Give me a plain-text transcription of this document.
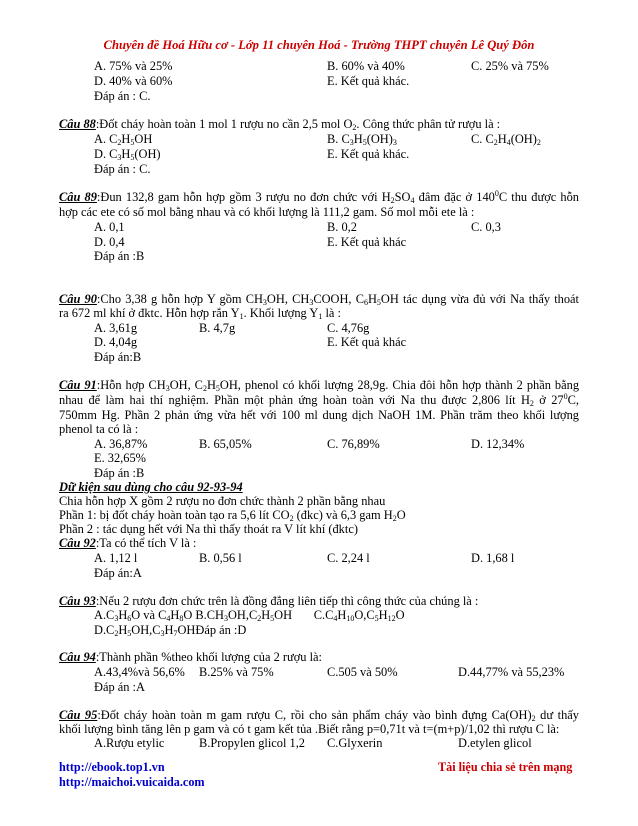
Chuyên đề Hoá Hữu cơ - Lớp 11 chuyên Hoá - Trường THPT chuyên Lê Quý Đôn
A. 75% và 25%	B. 60% và 40%	C. 25% và 75%
D. 40% và 60%	E. Kết quả khác.
Đáp án : C.
Câu 88:Đốt cháy hoàn toàn 1 mol 1 rượu no cần 2,5 mol $O_2$. Công thức phân tử rượu là :
A. $C_2H_5OH$	B. $C_3H_5(OH)_3$	C. $C_2H_4(OH)_2$
D. $C_3H_5(OH)$	E. Kết quả khác.
Đáp án : C.
Câu 89:Đun 132,8 gam hỗn hợp gồm 3 rượu no đơn chức với $H_2SO_4$ đâm đặc ở $140^0C$ thu được hỗn
hợp các ete có số mol bằng nhau và có khối lượng là 111,2 gam. Số mol mỗi ete là :
A. 0,1	B. 0,2	C. 0,3
D. 0,4	E. Kết quả khác
Đáp án :B
Câu 90:Cho 3,38 g hỗn hợp Y gồm $CH_3OH$, $CH_3COOH$, $C_6H_5OH$ tác dụng vừa đủ với Na thấy thoát
ra 672 ml khí ở đktc. Hỗn hợp rắn $Y_1$. Khối lượng $Y_1$ là :
A. 3,61g	B. 4,7g	C. 4,76g
D. 4,04g	E. Kết quả khác
Đáp án:B
Câu 91:Hỗn hợp $CH_3OH$, $C_2H_5OH$, phenol có khối lượng 28,9g. Chia đôi hỗn hợp thành 2 phần bằng
nhau để làm hai thí nghiệm. Phần một phản ứng hoàn toàn với Na thu được 2,806 lít $H_2$ ở $27^0C$,
750mm Hg. Phần 2 phản ứng vừa hết với 100 ml dung dịch NaOH 1M. Phần trăm theo khối lượng
phenol ta có là :
A. 36,87%	B. 65,05%	C. 76,89%	D. 12,34%
E. 32,65%
Đáp án :B
Dữ kiện sau dùng cho câu 92-93-94
Chia hỗn hợp X gồm 2 rượu no đơn chức thành 2 phần bằng nhau
Phần 1: bị đốt cháy hoàn toàn tạo ra 5,6 lít $CO_2$ (đkc) và 6,3 gam $H_2O$
Phần 2 : tác dụng hết với Na thì thấy thoát ra V lít khí (đktc)
Câu 92:Ta có thể tích V là :
A. 1,12 l	B. 0,56 l	C. 2,24 l	D. 1,68 l
Đáp án:A
Câu 93:Nếu 2 rượu đơn chức trên là đồng đẳng liên tiếp thì công thức của chúng là :
$A.C_3H_6O$ và $C_4H_8O$ $B.CH_3OH,C_2H_5OH$       $C.C_4H_{10}O,C_5H_{12}O$
$D.C_2H_5OH,C_3H_7OHĐáp$ án :D
Câu 94:Thành phần %theo khối lượng của 2 rượu là:
A.43,4%và 56,6% B.25% và 75%	C.505 và 50%	D.44,77% và 55,23%
Đáp án :A
Câu 95:Đốt cháy hoàn toàn m gam rượu C, rồi cho sản phẩm cháy vào bình đựng $Ca(OH)_2$ dư thấy
khối lượng bình tăng lên p gam và có t gam kết tủa .Biết rằng p=0,71t và t=(m+p)/1,02 thì rượu C là:
A.Rượu etylic	B.Propylen glicol 1,2 C.Glyxerin	D.etylen glicol
http://ebook.top1.vn
http://maichoi.vuicaida.com
Tài liệu chia sẻ trên mạng
